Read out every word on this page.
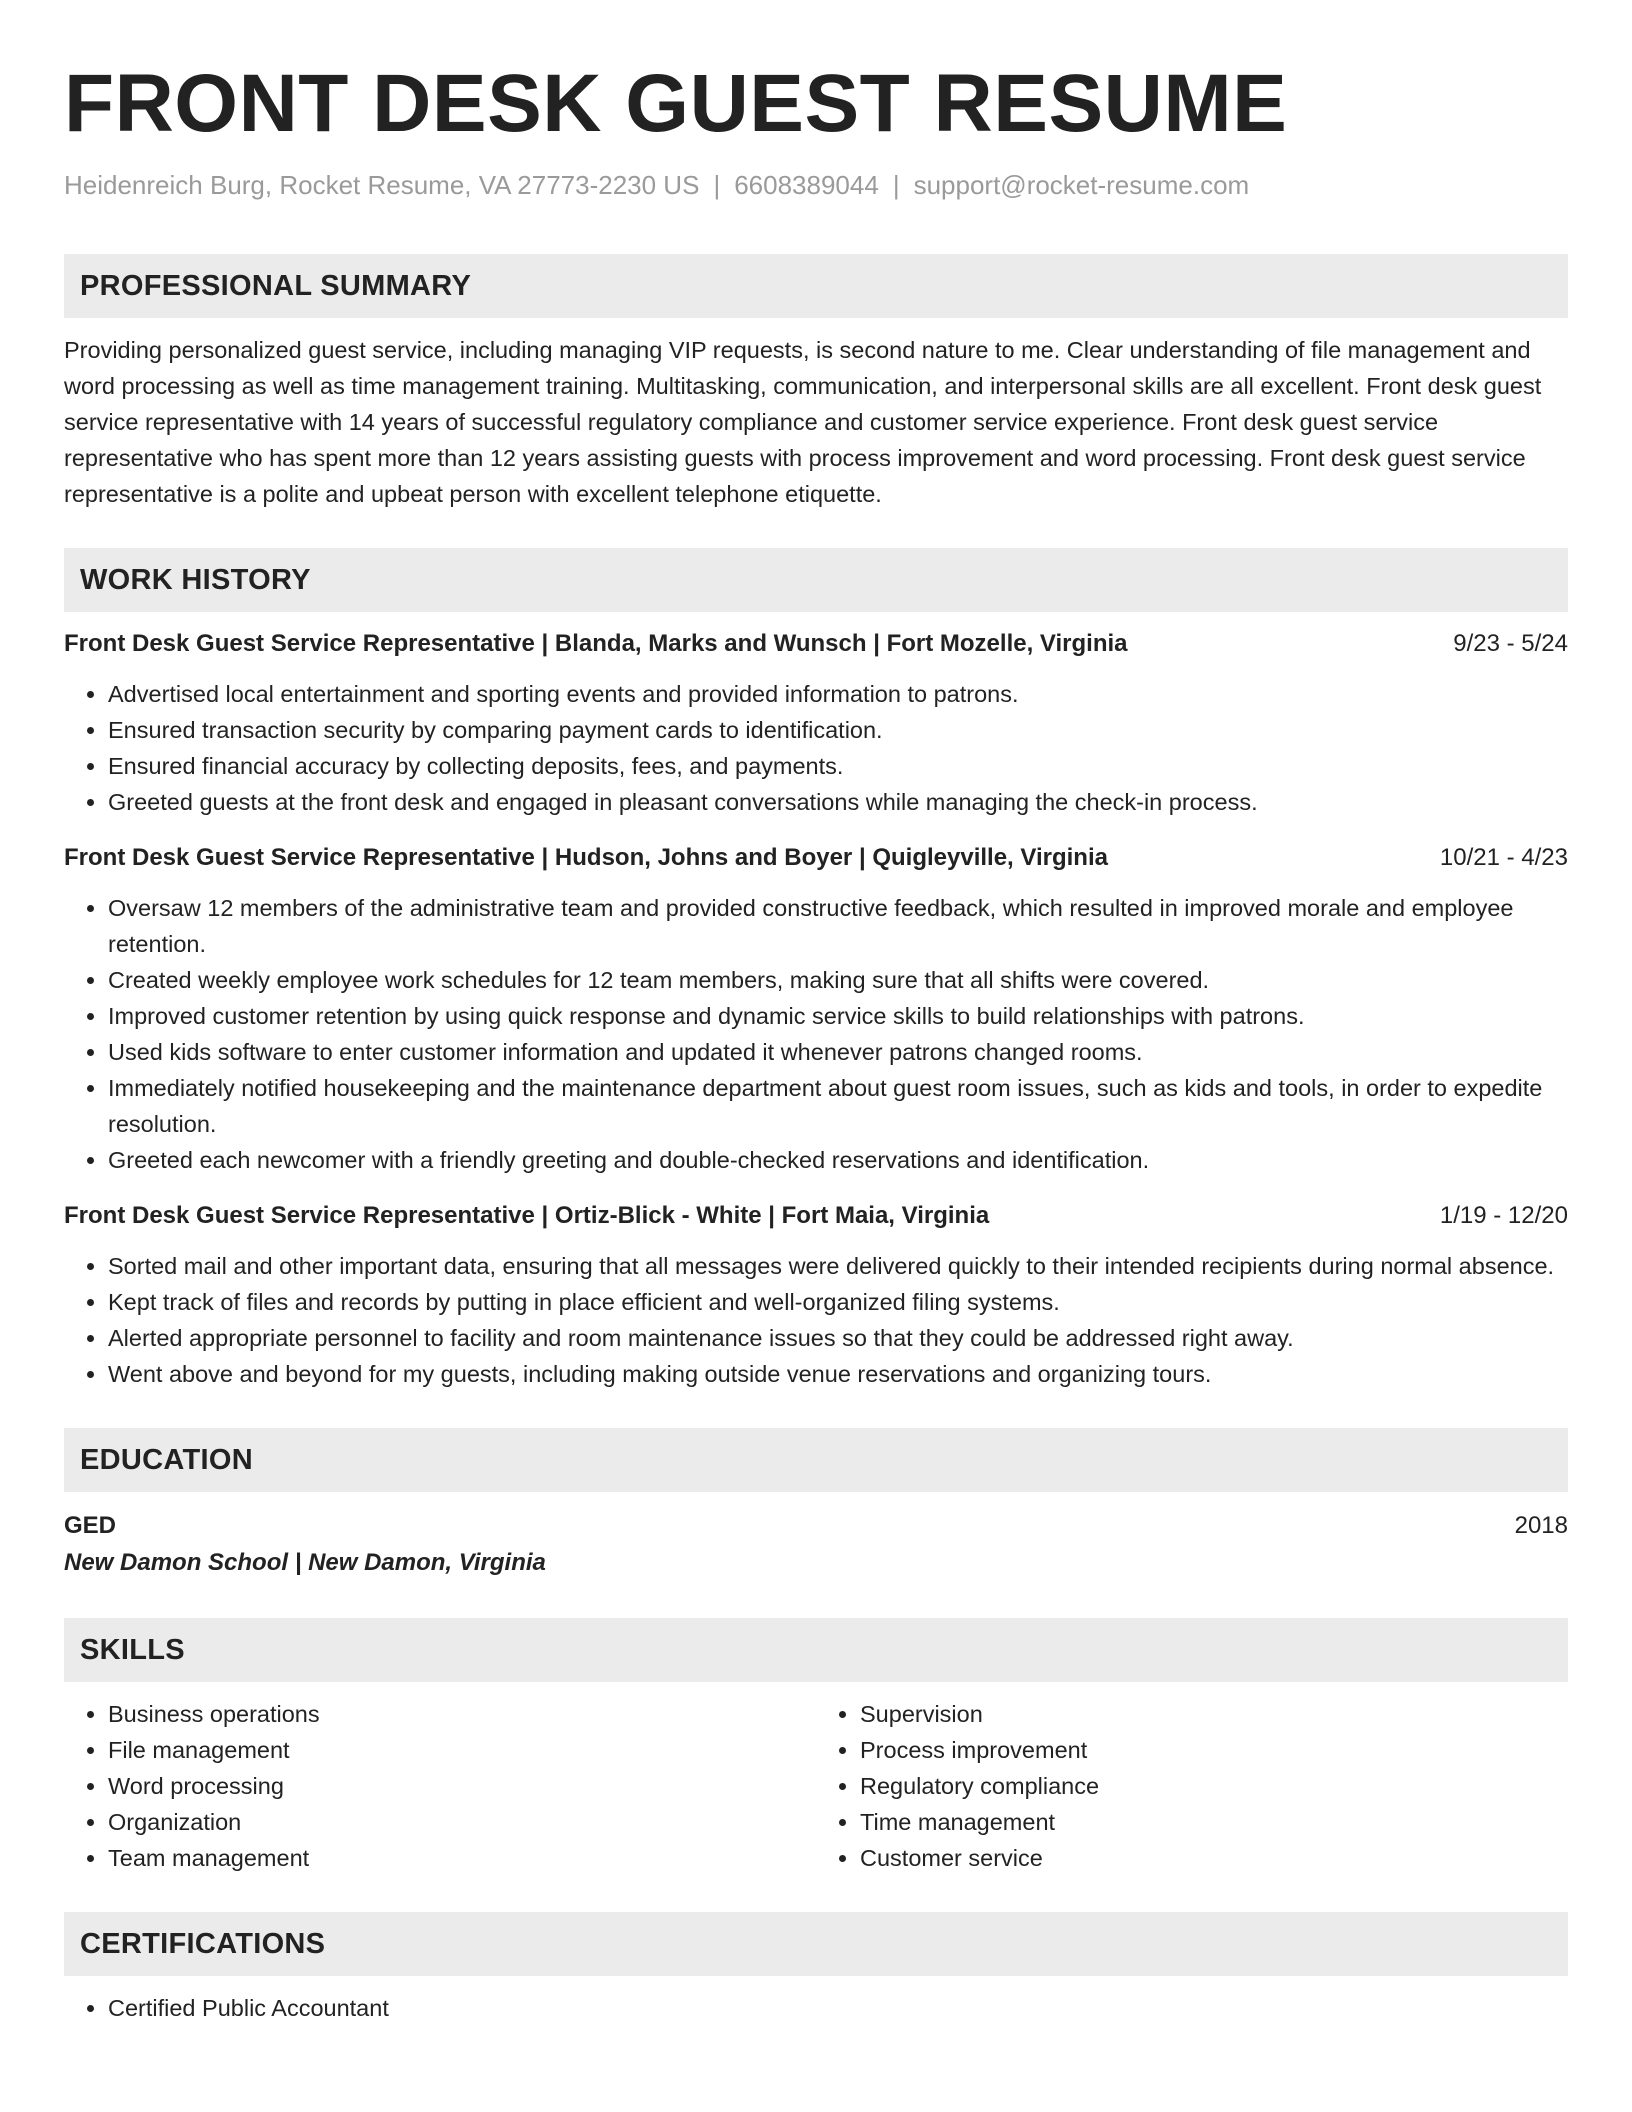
FRONT DESK GUEST RESUME
Heidenreich Burg, Rocket Resume, VA 27773-2230 US | 6608389044 | support@rocket-resume.com
PROFESSIONAL SUMMARY
Providing personalized guest service, including managing VIP requests, is second nature to me. Clear understanding of file management and word processing as well as time management training. Multitasking, communication, and interpersonal skills are all excellent. Front desk guest service representative with 14 years of successful regulatory compliance and customer service experience. Front desk guest service representative who has spent more than 12 years assisting guests with process improvement and word processing. Front desk guest service representative is a polite and upbeat person with excellent telephone etiquette.
WORK HISTORY
Front Desk Guest Service Representative | Blanda, Marks and Wunsch | Fort Mozelle, Virginia	9/23 - 5/24
• Advertised local entertainment and sporting events and provided information to patrons.
• Ensured transaction security by comparing payment cards to identification.
• Ensured financial accuracy by collecting deposits, fees, and payments.
• Greeted guests at the front desk and engaged in pleasant conversations while managing the check-in process.
Front Desk Guest Service Representative | Hudson, Johns and Boyer | Quigleyville, Virginia	10/21 - 4/23
• Oversaw 12 members of the administrative team and provided constructive feedback, which resulted in improved morale and employee retention.
• Created weekly employee work schedules for 12 team members, making sure that all shifts were covered.
• Improved customer retention by using quick response and dynamic service skills to build relationships with patrons.
• Used kids software to enter customer information and updated it whenever patrons changed rooms.
• Immediately notified housekeeping and the maintenance department about guest room issues, such as kids and tools, in order to expedite resolution.
• Greeted each newcomer with a friendly greeting and double-checked reservations and identification.
Front Desk Guest Service Representative | Ortiz-Blick - White | Fort Maia, Virginia	1/19 - 12/20
• Sorted mail and other important data, ensuring that all messages were delivered quickly to their intended recipients during normal absence.
• Kept track of files and records by putting in place efficient and well-organized filing systems.
• Alerted appropriate personnel to facility and room maintenance issues so that they could be addressed right away.
• Went above and beyond for my guests, including making outside venue reservations and organizing tours.
EDUCATION
GED	2018
New Damon School | New Damon, Virginia
SKILLS
• Business operations
• File management
• Word processing
• Organization
• Team management
• Supervision
• Process improvement
• Regulatory compliance
• Time management
• Customer service
CERTIFICATIONS
• Certified Public Accountant
